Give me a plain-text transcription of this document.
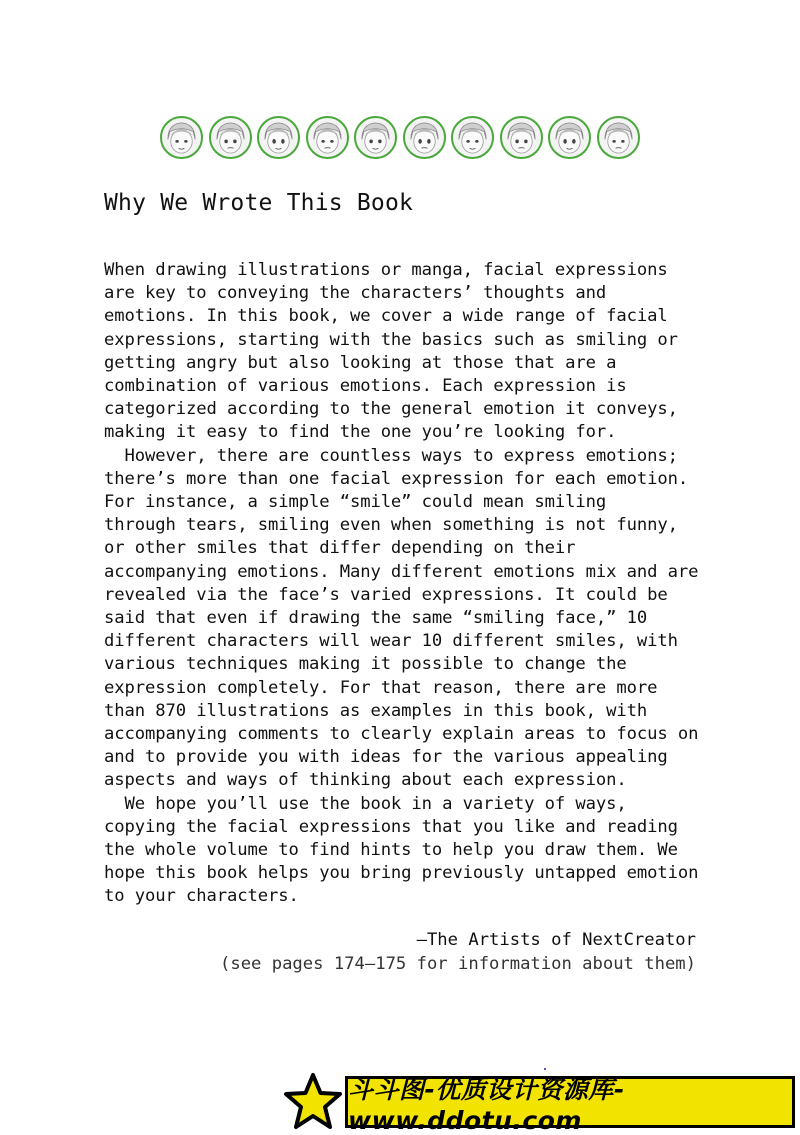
Why We Wrote This Book
When drawing illustrations or manga, facial expressions
are key to conveying the characters’ thoughts and
emotions. In this book, we cover a wide range of facial
expressions, starting with the basics such as smiling or
getting angry but also looking at those that are a
combination of various emotions. Each expression is
categorized according to the general emotion it conveys,
making it easy to find the one you’re looking for.
However, there are countless ways to express emotions;
there’s more than one facial expression for each emotion.
For instance, a simple “smile” could mean smiling
through tears, smiling even when something is not funny,
or other smiles that differ depending on their
accompanying emotions. Many different emotions mix and are
revealed via the face’s varied expressions. It could be
said that even if drawing the same “smiling face,” 10
different characters will wear 10 different smiles, with
various techniques making it possible to change the
expression completely. For that reason, there are more
than 870 illustrations as examples in this book, with
accompanying comments to clearly explain areas to focus on
and to provide you with ideas for the various appealing
aspects and ways of thinking about each expression.
We hope you’ll use the book in a variety of ways,
copying the facial expressions that you like and reading
the whole volume to find hints to help you draw them. We
hope this book helps you bring previously untapped emotion
to your characters.
—The Artists of NextCreator
(see pages 174–175 for information about them)
斗斗图-优质设计资源库-www.ddotu.com
